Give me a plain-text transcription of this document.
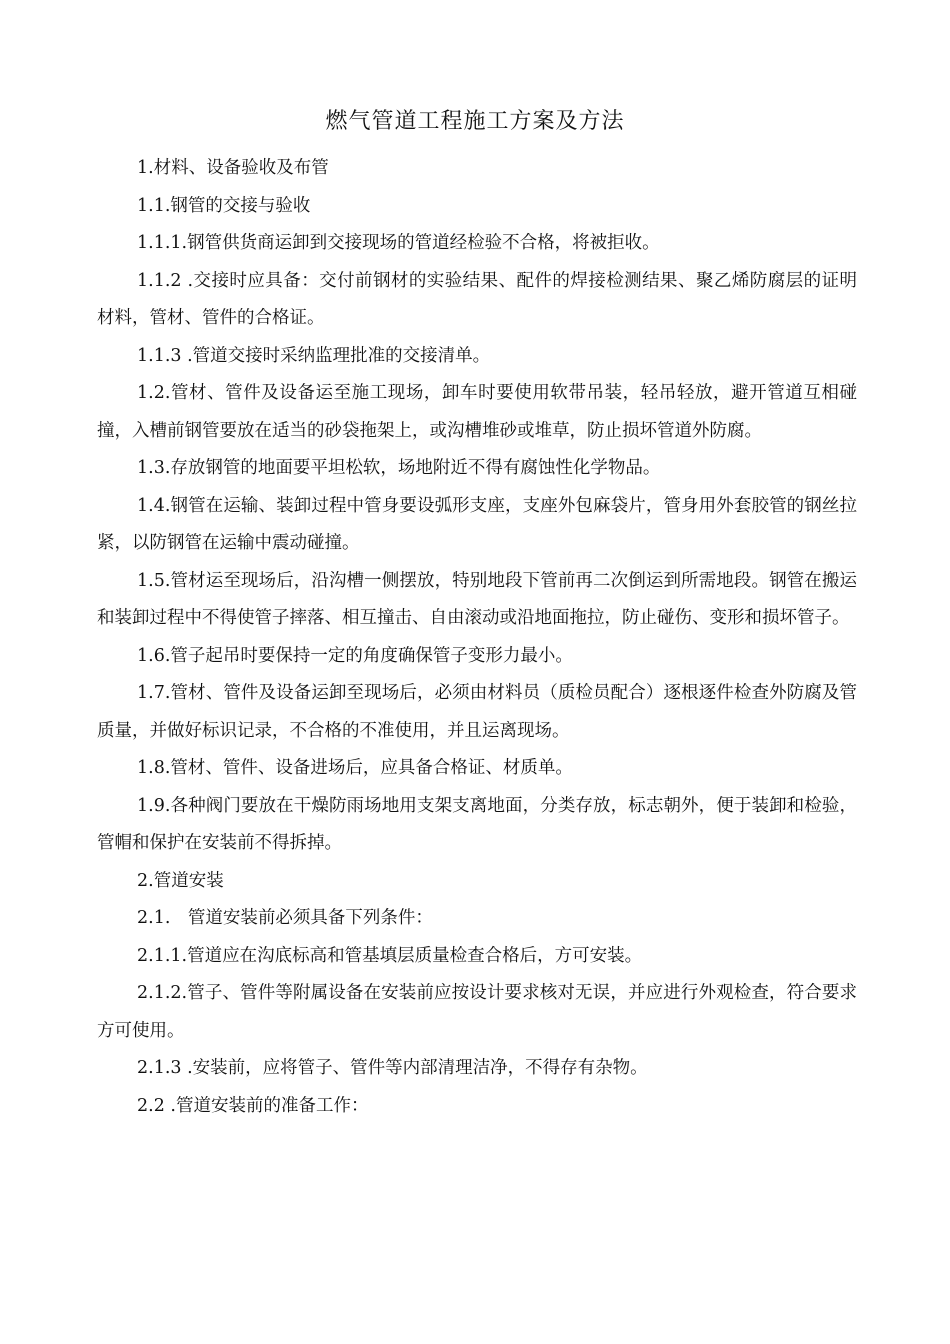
燃气管道工程施工方案及方法

1.材料、设备验收及布管

1.1.钢管的交接与验收

1.1.1.钢管供货商运卸到交接现场的管道经检验不合格，将被拒收。

1.1.2 .交接时应具备：交付前钢材的实验结果、配件的焊接检测结果、聚乙烯防腐层的证明材料，管材、管件的合格证。

1.1.3 .管道交接时采纳监理批准的交接清单。

1.2.管材、管件及设备运至施工现场，卸车时要使用软带吊装，轻吊轻放，避开管道互相碰撞，入槽前钢管要放在适当的砂袋拖架上，或沟槽堆砂或堆草，防止损坏管道外防腐。

1.3.存放钢管的地面要平坦松软，场地附近不得有腐蚀性化学物品。

1.4.钢管在运输、装卸过程中管身要设弧形支座，支座外包麻袋片，管身用外套胶管的钢丝拉紧，以防钢管在运输中震动碰撞。

1.5.管材运至现场后，沿沟槽一侧摆放，特别地段下管前再二次倒运到所需地段。钢管在搬运和装卸过程中不得使管子摔落、相互撞击、自由滚动或沿地面拖拉，防止碰伤、变形和损坏管子。

1.6.管子起吊时要保持一定的角度确保管子变形力最小。

1.7.管材、管件及设备运卸至现场后，必须由材料员（质检员配合）逐根逐件检查外防腐及管质量，并做好标识记录，不合格的不准使用，并且运离现场。

1.8.管材、管件、设备进场后，应具备合格证、材质单。

1.9.各种阀门要放在干燥防雨场地用支架支离地面，分类存放，标志朝外，便于装卸和检验，管帽和保护在安装前不得拆掉。

2.管道安装

2.1.　管道安装前必须具备下列条件：

2.1.1.管道应在沟底标高和管基填层质量检查合格后，方可安装。

2.1.2.管子、管件等附属设备在安装前应按设计要求核对无误，并应进行外观检查，符合要求方可使用。

2.1.3 .安装前，应将管子、管件等内部清理洁净，不得存有杂物。

2.2 .管道安装前的准备工作：
